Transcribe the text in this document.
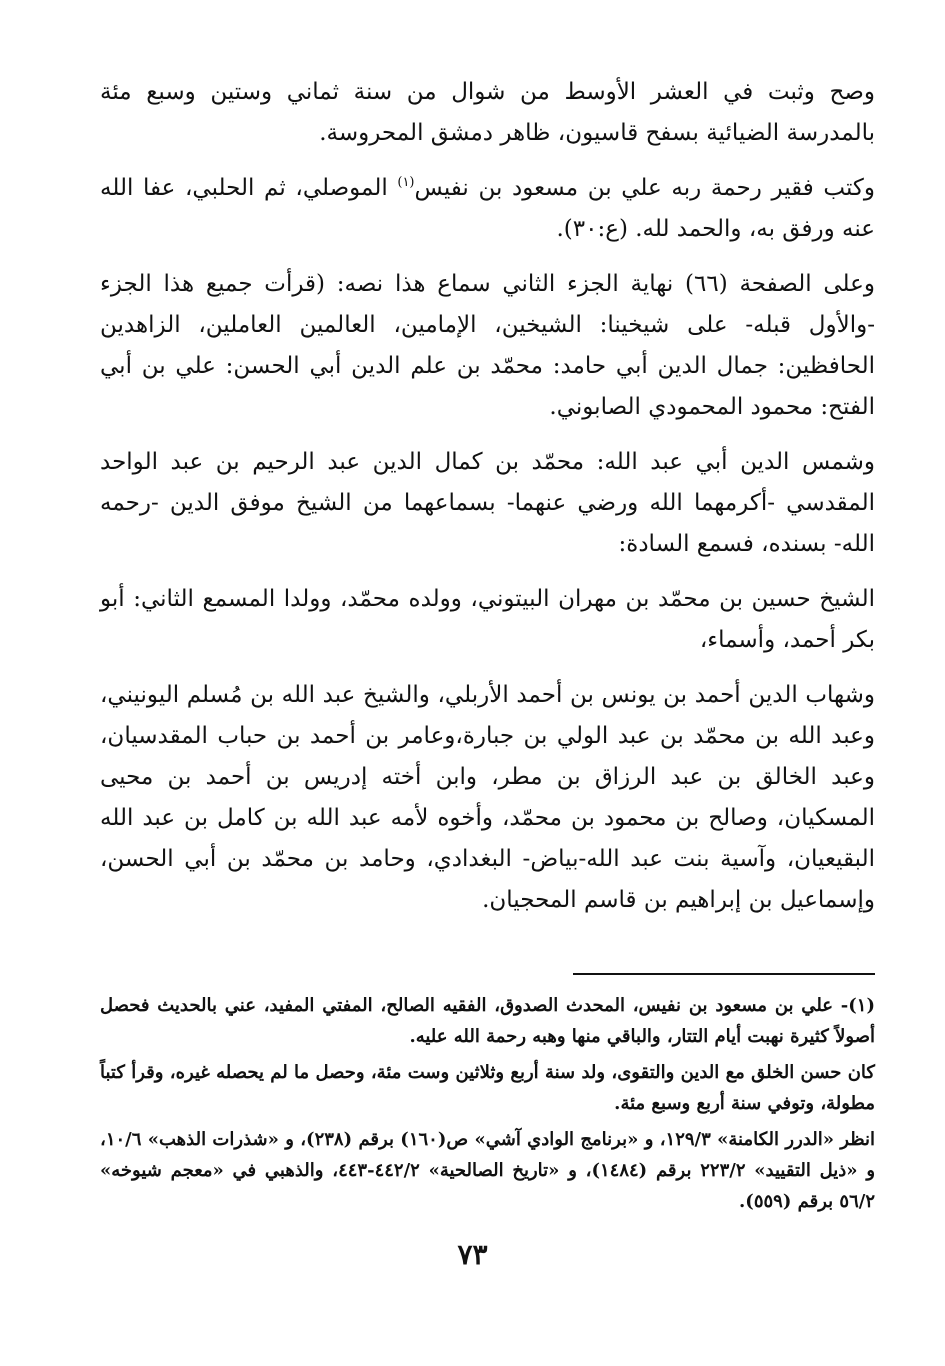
وصح وثبت في العشر الأوسط من شوال من سنة ثماني وستين وسبع مئة بالمدرسة الضيائية بسفح قاسيون، ظاهر دمشق المحروسة.

وكتب فقير رحمة ربه علي بن مسعود بن نفيس$^{(١)}$ الموصلي، ثم الحلبي، عفا الله عنه ورفق به، والحمد لله. (ع:٣٠).

وعلى الصفحة (٦٦) نهاية الجزء الثاني سماع هذا نصه: (قرأت جميع هذا الجزء -والأول قبله- على شيخينا: الشيخين، الإمامين، العالمين العاملين، الزاهدين الحافظين: جمال الدين أبي حامد: محمّد بن علم الدين أبي الحسن: علي بن أبي الفتح: محمود المحمودي الصابوني.

وشمس الدين أبي عبد الله: محمّد بن كمال الدين عبد الرحيم بن عبد الواحد المقدسي -أكرمهما الله ورضي عنهما- بسماعهما من الشيخ موفق الدين -رحمه الله- بسنده، فسمع السادة:

الشيخ حسين بن محمّد بن مهران البيتوني، وولده محمّد، وولدا المسمع الثاني: أبو بكر أحمد، وأسماء،

وشهاب الدين أحمد بن يونس بن أحمد الأربلي، والشيخ عبد الله بن مُسلم اليونيني، وعبد الله بن محمّد بن عبد الولي بن جبارة،وعامر بن أحمد بن حباب المقدسيان، وعبد الخالق بن عبد الرزاق بن مطر، وابن أخته إدريس بن أحمد بن محيى المسكيان، وصالح بن محمود بن محمّد، وأخوه لأمه عبد الله بن كامل بن عبد الله البقيعيان، وآسية بنت عبد الله-بياض- البغدادي، وحامد بن محمّد بن أبي الحسن، وإسماعيل بن إبراهيم بن قاسم المحجيان.

(١)- علي بن مسعود بن نفيس، المحدث الصدوق، الفقيه الصالح، المفتي المفيد، عني بالحديث فحصل أصولاً كثيرة نهبت أيام التتار، والباقي منها وهبه رحمة الله عليه.

كان حسن الخلق مع الدين والتقوى، ولد سنة أربع وثلاثين وست مئة، وحصل ما لم يحصله غيره، وقرأ كتباً مطولة، وتوفي سنة أربع وسبع مئة.

انظر «الدرر الكامنة» ١٢٩/٣، و «برنامج الوادي آشي» ص(١٦٠) برقم (٢٣٨)، و «شذرات الذهب» ١٠/٦، و «ذيل التقييد» ٢٢٣/٢ برقم (١٤٨٤)، و «تاريخ الصالحية» ٤٤٢/٢-٤٤٣، والذهبي في «معجم شيوخه» ٥٦/٢ برقم (٥٥٩).

٧٣
